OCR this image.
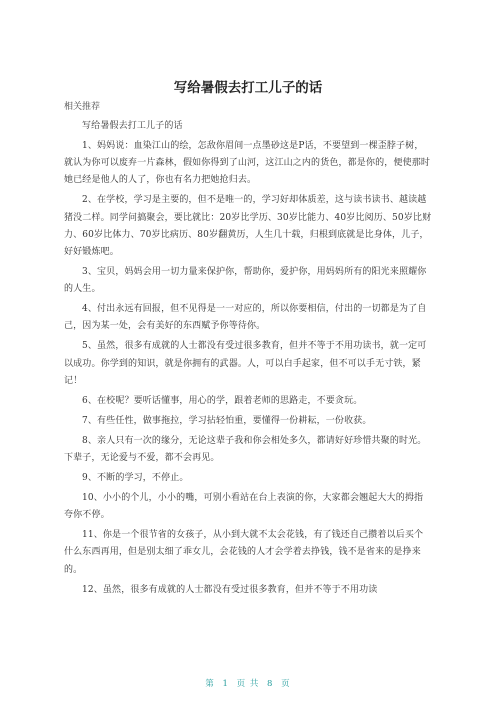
写给暑假去打工儿子的话
相关推荐

写给暑假去打工儿子的话

1、妈妈说：血染江山的绘，怎敌你眉间一点墨砂这是P话，不要望到一棵歪脖子树，就认为你可以废弃一片森林，假如你得到了山河，这江山之内的货色，都是你的，便使那时她已经是他人的人了，你也有名力把她抢归去。

2、在学校，学习是主要的，但不是唯一的，学习好却体质差，这与读书读书、越读越猪没二样。同学问搞聚会，要比就比：20岁比学历、30岁比能力、40岁比阅历、50岁比财力、60岁比体力、70岁比病历、80岁翻黄历，人生几十载，归根到底就是比身体，儿子，好好锻炼吧。

3、宝贝，妈妈会用一切力量来保护你，帮助你，爱护你，用妈妈所有的阳光来照耀你的人生。

4、付出永远有回报，但不见得是一一对应的，所以你要相信，付出的一切都是为了自己，因为某一处，会有美好的东西赋予你等待你。

5、虽然，很多有成就的人士都没有受过很多教育，但并不等于不用功读书，就一定可以成功。你学到的知识，就是你拥有的武器。人，可以白手起家，但不可以手无寸铁，紧记！

6、在校呢？要听话懂事，用心的学，跟着老师的思路走，不要贪玩。

7、有些任性，做事拖拉，学习拈轻怕重，要懂得一份耕耘，一份收获。

8、亲人只有一次的缘分，无论这辈子我和你会相处多久，都请好好珍惜共聚的时光。下辈子，无论爱与不爱，都不会再见。

9、不断的学习，不停止。

10、小小的个儿，小小的嘴，可别小看站在台上表演的你，大家都会翘起大大的拇指夸你不停。

11、你是一个很节省的女孩子，从小到大就不太会花钱，有了钱还自己攒着以后买个什么东西再用，但是别太细了乖女儿，会花钱的人才会学着去挣钱，钱不是省来的是挣来的。

12、虽然，很多有成就的人士都没有受过很多教育，但并不等于不用功读

第 1 页 共 8 页
